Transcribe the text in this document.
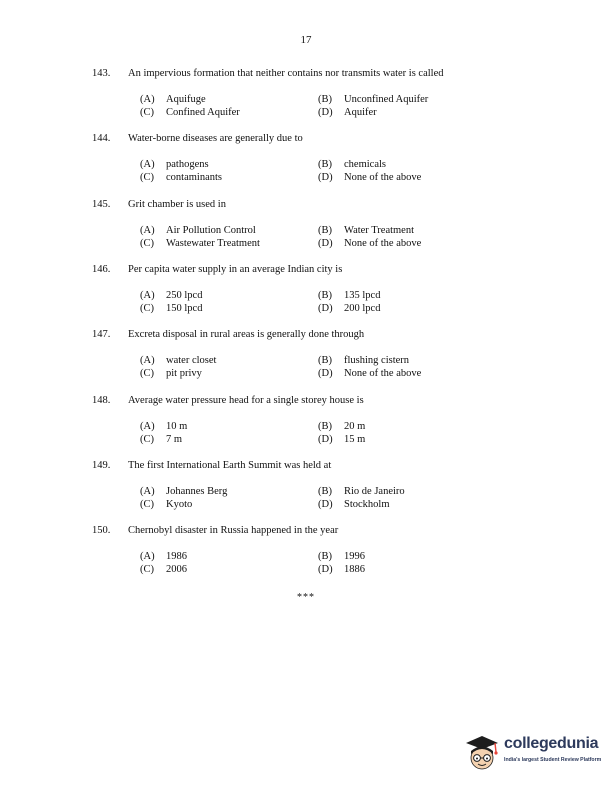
17
143.	An impervious formation that neither contains nor transmits water is called
(A)	Aquifuge	(B)	Unconfined Aquifer
(C)	Confined Aquifer	(D)	Aquifer
144.	Water-borne diseases are generally due to
(A)	pathogens	(B)	chemicals
(C)	contaminants	(D)	None of the above
145.	Grit chamber is used in
(A)	Air Pollution Control	(B)	Water Treatment
(C)	Wastewater Treatment	(D)	None of the above
146.	Per capita water supply in an average Indian city is
(A)	250 lpcd	(B)	135 lpcd
(C)	150 lpcd	(D)	200 lpcd
147.	Excreta disposal in rural areas is generally done through
(A)	water closet	(B)	flushing cistern
(C)	pit privy	(D)	None of the above
148.	Average water pressure head for a single storey house is
(A)	10 m	(B)	20 m
(C)	7 m	(D)	15 m
149.	The first International Earth Summit was held at
(A)	Johannes Berg	(B)	Rio de Janeiro
(C)	Kyoto	(D)	Stockholm
150.	Chernobyl disaster in Russia happened in the year
(A)	1986	(B)	1996
(C)	2006	(D)	1886
***
collegedunia
India's largest Student Review Platform
